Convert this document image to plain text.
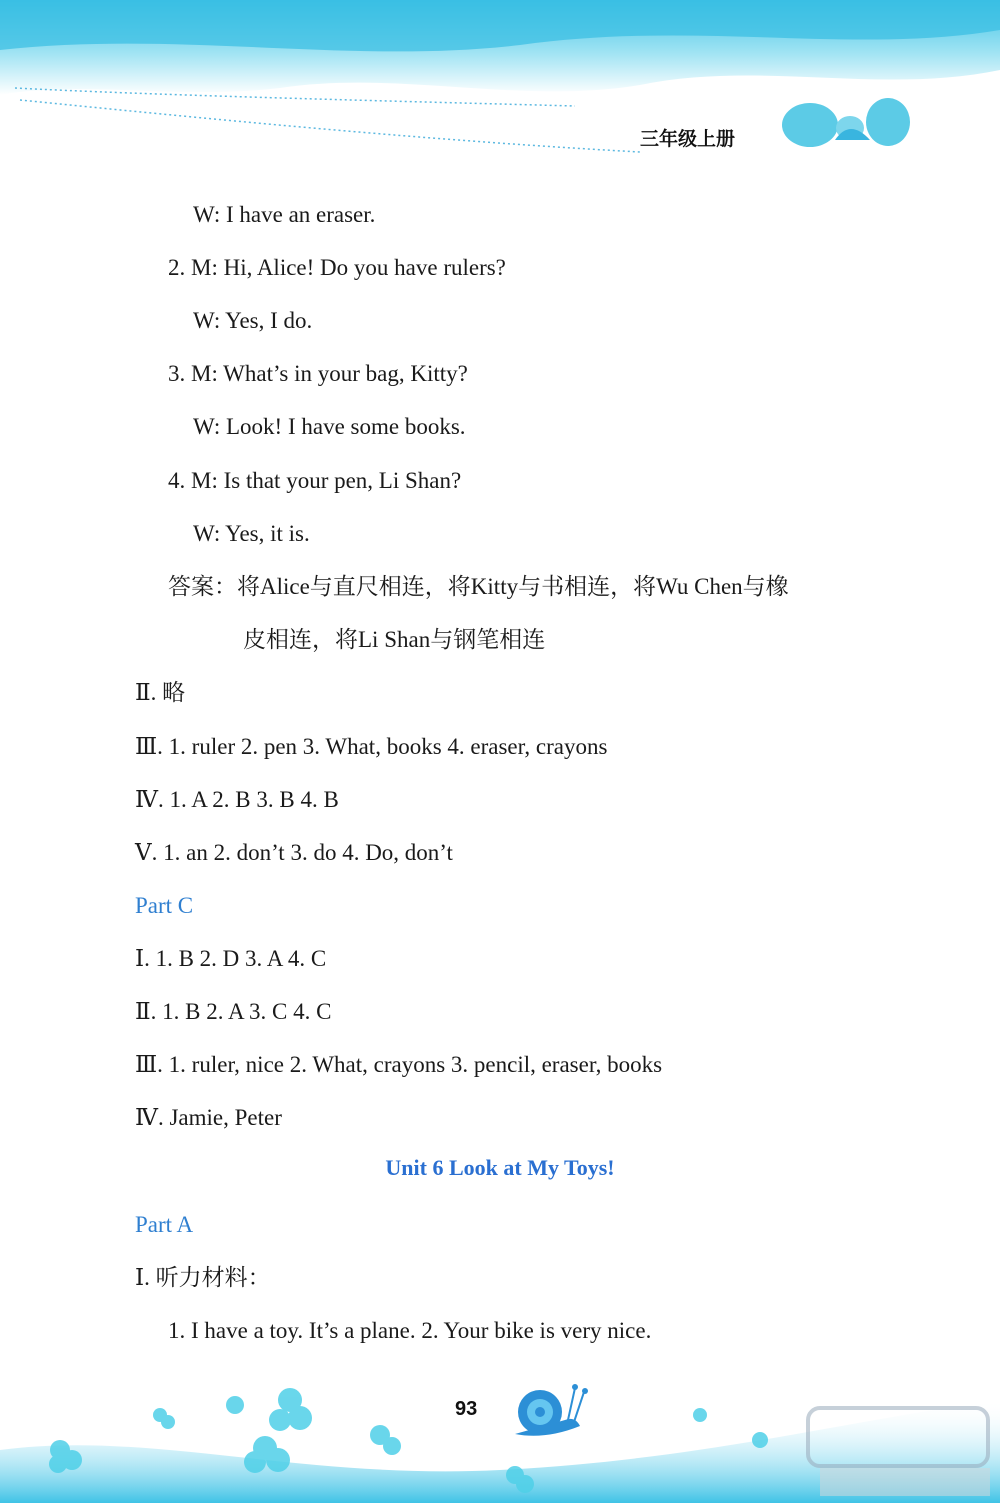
三年级上册
W: I have an eraser.
2. M: Hi, Alice! Do you have rulers?
W: Yes, I do.
3. M: What’s in your bag, Kitty?
W: Look! I have some books.
4. M: Is that your pen, Li Shan?
W: Yes, it is.
答案：将Alice与直尺相连，将Kitty与书相连，将Wu Chen与橡
皮相连，将Li Shan与钢笔相连
Ⅱ. 略
Ⅲ. 1. ruler 2. pen 3. What, books 4. eraser, crayons
Ⅳ. 1. A 2. B 3. B 4. B
Ⅴ. 1. an 2. don’t 3. do 4. Do, don’t
Part C
Ⅰ. 1. B 2. D 3. A 4. C
Ⅱ. 1. B 2. A 3. C 4. C
Ⅲ. 1. ruler, nice 2. What, crayons 3. pencil, eraser, books
Ⅳ. Jamie, Peter
Unit 6 Look at My Toys!
Part A
Ⅰ. 听力材料：
1. I have a toy. It’s a plane. 2. Your bike is very nice.
93
